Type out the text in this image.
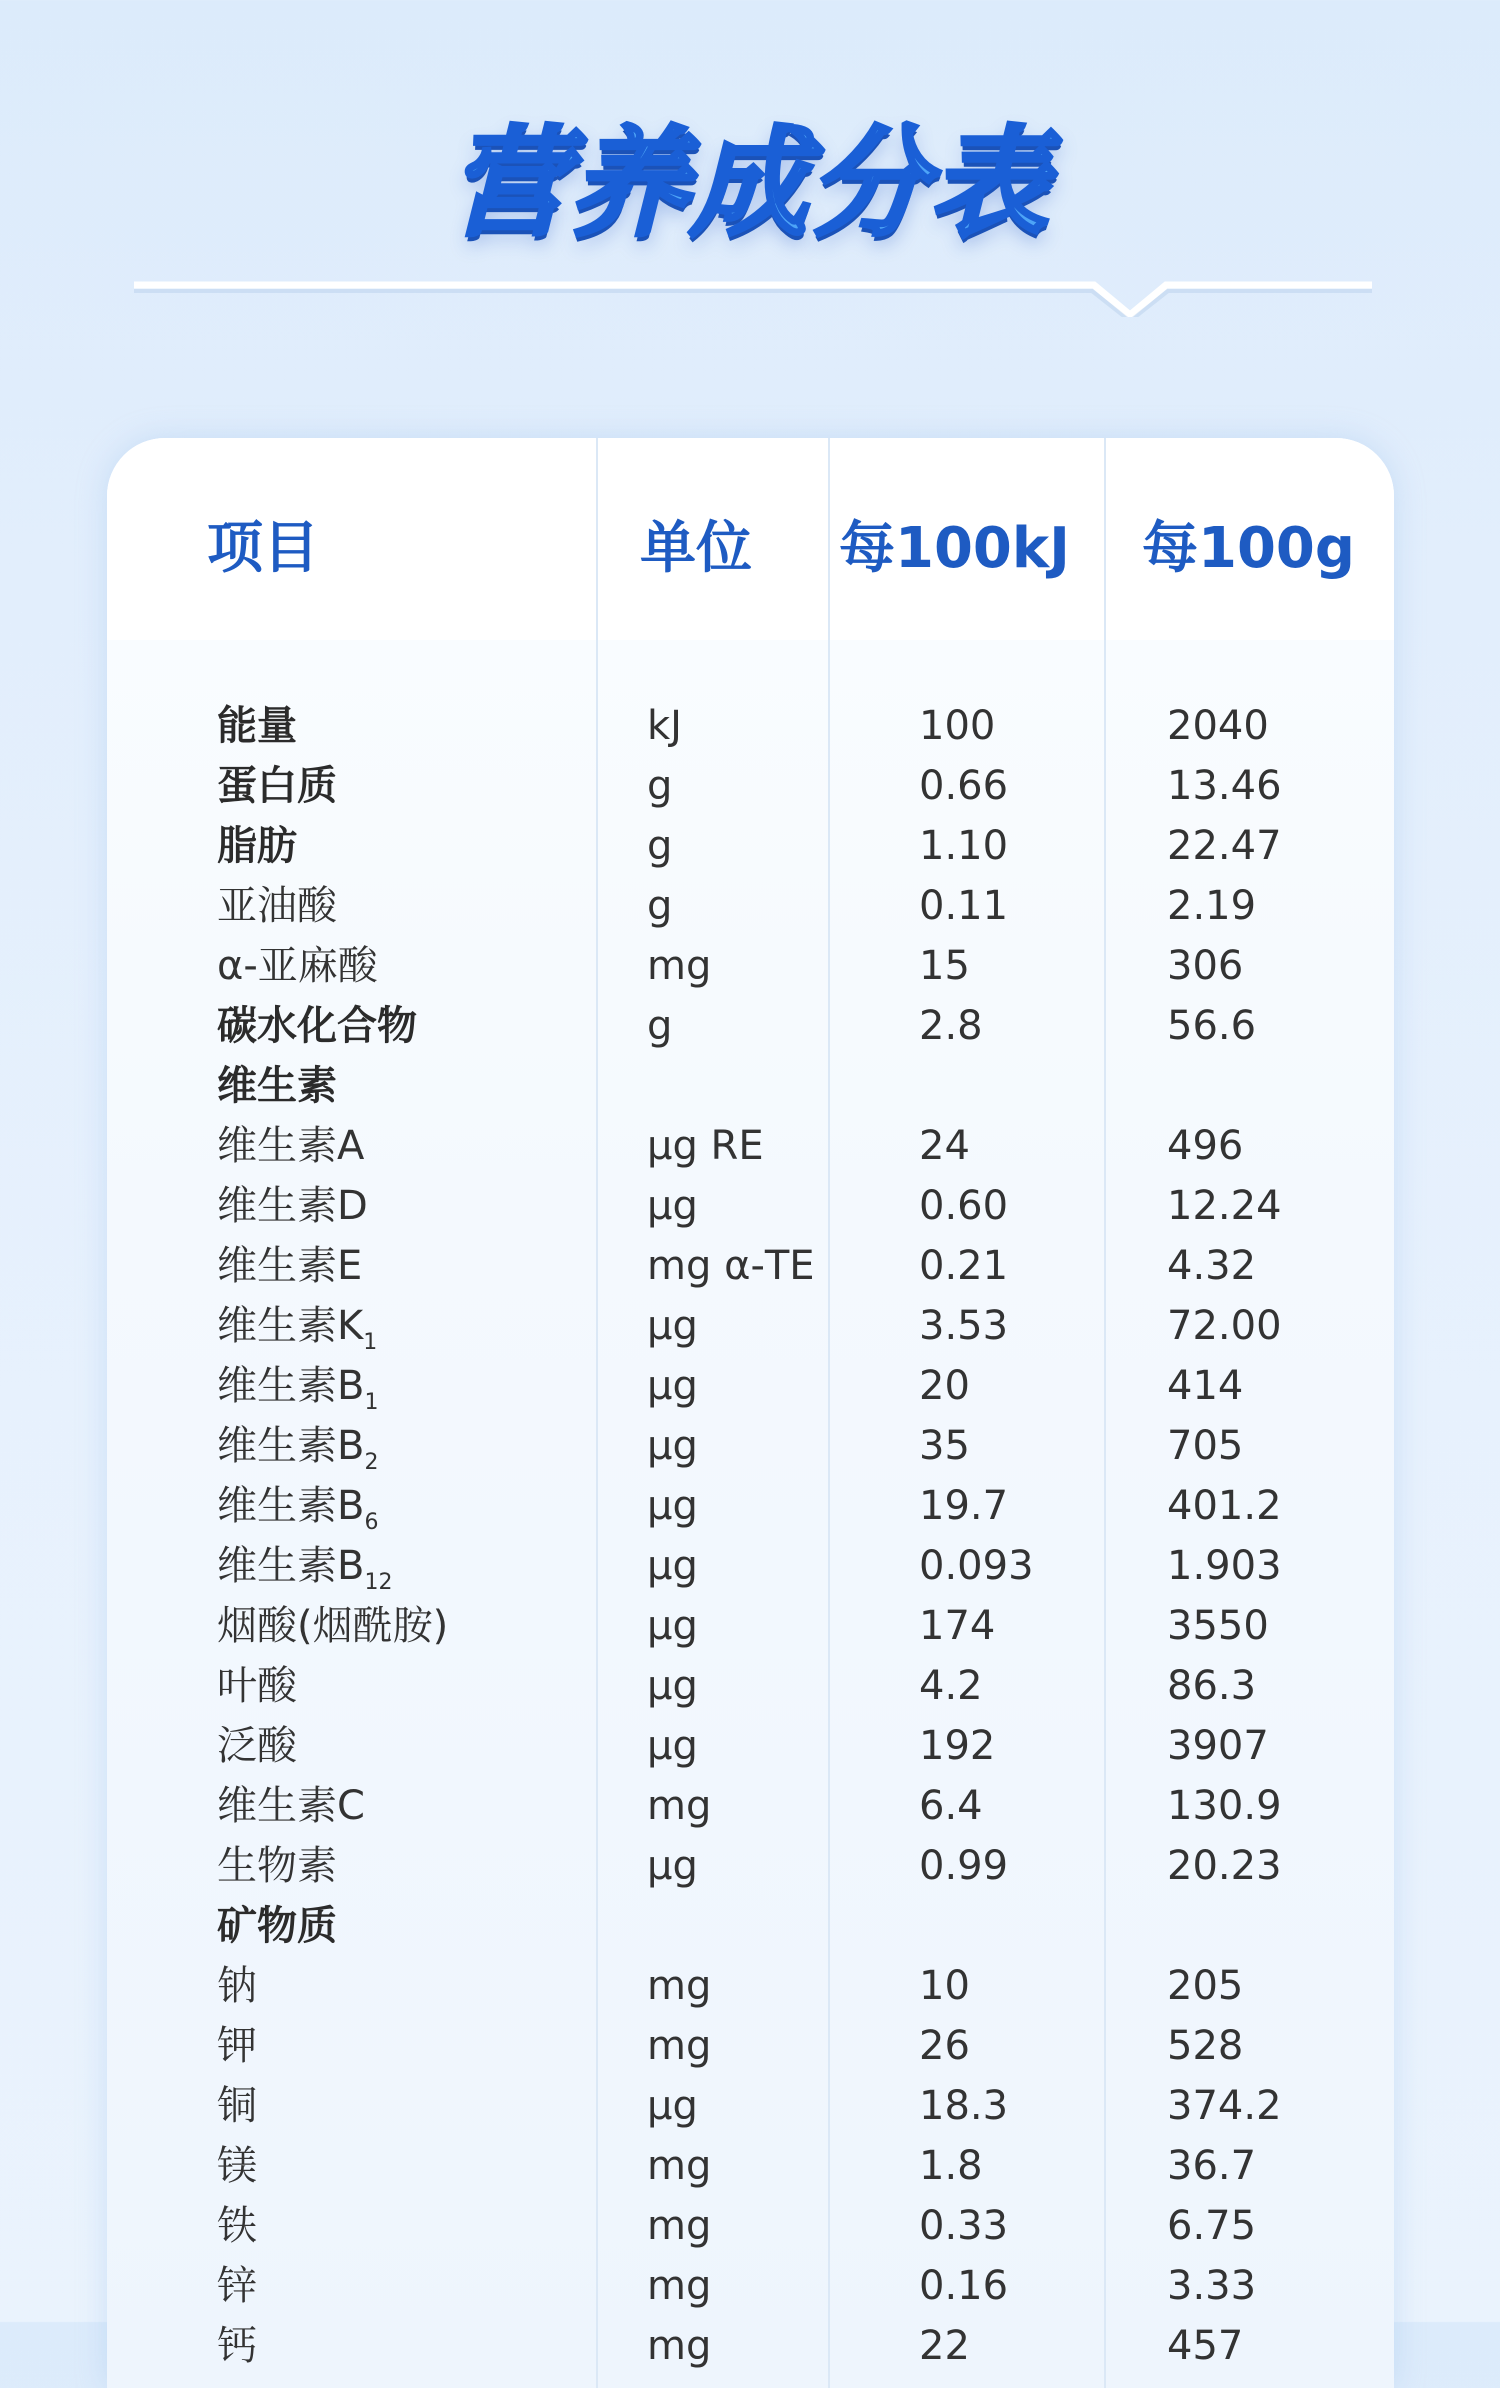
营养成分表
项目	单位 每100kJ 每100g
能量	kJ	100	2040
蛋白质	g	0.66	13.46
脂肪	g	1.10	22.47
亚油酸	g	0.11	2.19
α-亚麻酸	mg	15	306
碳水化合物	g	2.8	56.6
维生素
维生素A	μg RE	24	496
维生素D	μg	0.60	12.24
维生素E	mg α-TE	0.21	4.32
维生素$K_1$	μg	3.53	72.00
维生素$B_1$	μg	20	414
维生素$B_2$	μg	35	705
维生素$B_6$	μg	19.7	401.2
维生素$B_{12}$	μg	0.093	1.903
烟酸(烟酰胺)	μg	174	3550
叶酸	μg	4.2	86.3
泛酸	μg	192	3907
维生素C	mg	6.4	130.9
生物素	μg	0.99	20.23
矿物质
钠	mg	10	205
钾	mg	26	528
铜	μg	18.3	374.2
镁	mg	1.8	36.7
铁	mg	0.33	6.75
锌	mg	0.16	3.33
钙	mg	22	457
